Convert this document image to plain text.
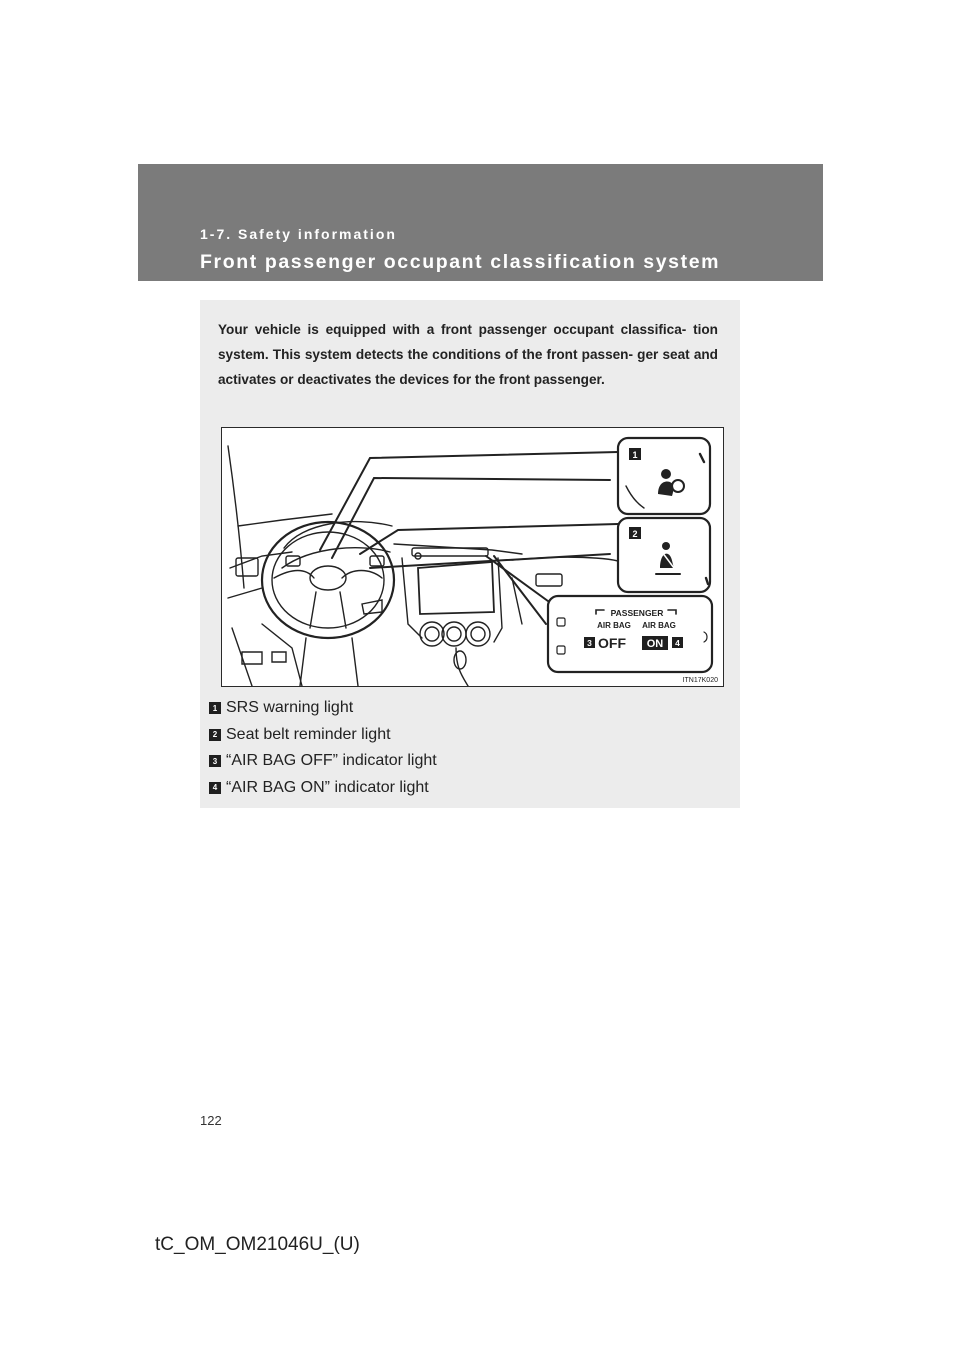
1-7. Safety information
Front passenger occupant classification system
Your vehicle is equipped with a front passenger occupant classifica- tion system. This system detects the conditions of the front passen- ger seat and activates or deactivates the devices for the front passenger.
1
2
PASSENGER
AIR BAG AIR BAG
3 OFF ON 4
ITN17K020
1 SRS warning light
2 Seat belt reminder light
3 “AIR BAG OFF” indicator light
4 “AIR BAG ON” indicator light
122
tC_OM_OM21046U_(U)
